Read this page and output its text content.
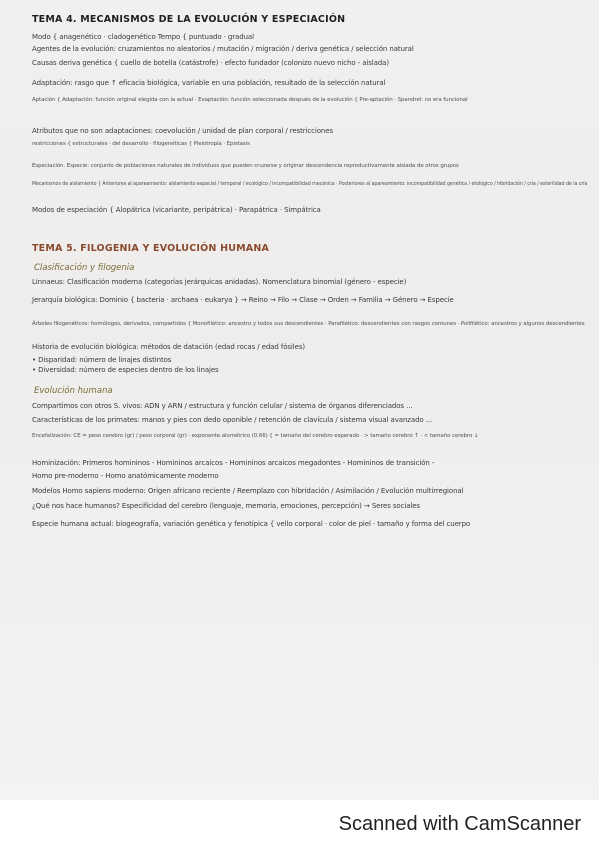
TEMA 4. MECANISMOS DE LA EVOLUCIÓN Y ESPECIACIÓN
Modo { anagenético · cladogenético Tempo { puntuado · gradual
Agentes de la evolución: cruzamientos no aleatorios / mutación / migración / deriva genética / selección natural
Causas deriva genética { cuello de botella (catástrofe) · efecto fundador (colonizo nuevo nicho - aislada)
Adaptación: rasgo que ↑ eficacia biológica, variable en una población, resultado de la selección natural
Aptación { Adaptación: función original elegida con la actual · Exaptación: función seleccionada después de la evolución { Pre-aptación · Spandrel: no era funcional
Atributos que no son adaptaciones: coevolución / unidad de plan corporal / restricciones
restricciones { estructurales · del desarrollo · filogenéticas { Pleiotropía · Epistasis
Especiación. Especie: conjunto de poblaciones naturales de individuos que pueden cruzarse y originar descendencia reproductivamente aislada de otros grupos
Mecanismos de aislamiento { Anteriores al apareamiento: aislamiento espacial / temporal / ecológico / incompatibilidad mecánica · Posteriores al apareamiento: incompatibilidad genética / etológico / hibridación / cría / esterilidad de la cría
Modos de especiación { Alopátrica (vicariante, peripátrica) · Parapátrica · Simpátrica
TEMA 5. FILOGENIA Y EVOLUCIÓN HUMANA
Clasificación y filogenia
Linnaeus: Clasificación moderna (categorías jerárquicas anidadas). Nomenclatura binomial (género - especie)
Jerarquía biológica: Dominio { bacteria · archaea · eukarya } → Reino → Filo → Clase → Orden → Familia → Género → Especie
Árboles filogenéticos: homólogos, derivados, compartidos { Monofilético: ancestro y todos sus descendientes · Parafilético: descendientes con rasgos comunes · Polifilético: ancestros y algunos descendientes
Historia de evolución biológica: métodos de datación (edad rocas / edad fósiles)
• Disparidad: número de linajes distintos
• Diversidad: número de especies dentro de los linajes
Evolución humana
Compartimos con otros S. vivos: ADN y ARN / estructura y función celular / sistema de órganos diferenciados ...
Características de los primates: manos y pies con dedo oponible / retención de clavícula / sistema visual avanzado ...
Encefalización: CE = peso cerebro (gr) / peso corporal (gr) · exponente alométrico (0.66) { = tamaño del cerebro esperado · > tamaño cerebro ↑ · < tamaño cerebro ↓
Hominización: Primeros homininos - Homininos arcaicos - Homininos arcaicos megadontes - Homininos de transición -
Homo pre-moderno - Homo anatómicamente moderno
Modelos Homo sapiens moderno: Origen africano reciente / Reemplazo con hibridación / Asimilación / Evolución multirregional
¿Qué nos hace humanos? Especificidad del cerebro (lenguaje, memoria, emociones, percepción) → Seres sociales
Especie humana actual: biogeografía, variación genética y fenotípica { vello corporal · color de piel · tamaño y forma del cuerpo
Scanned with CamScanner
